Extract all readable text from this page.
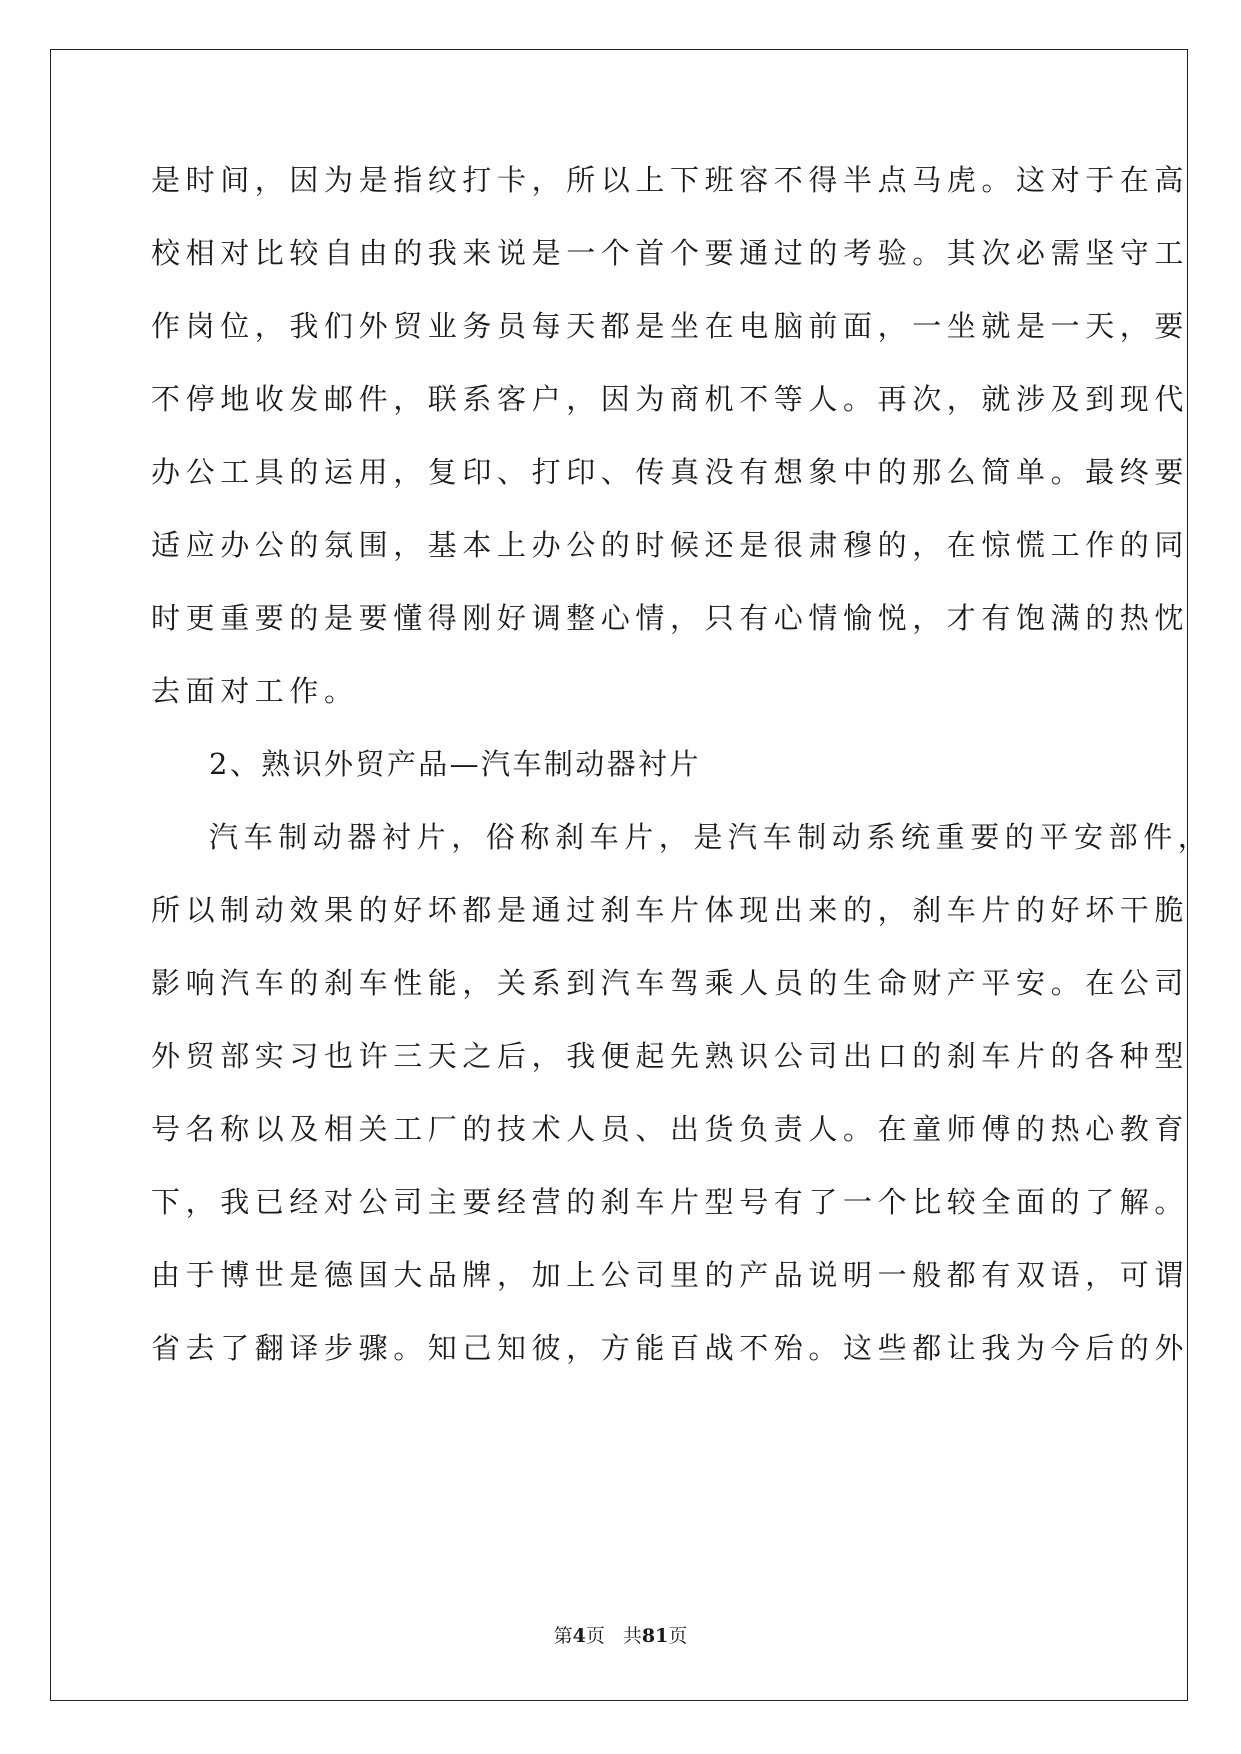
是时间，因为是指纹打卡，所以上下班容不得半点马虎。这对于在高
校相对比较自由的我来说是一个首个要通过的考验。其次必需坚守工
作岗位，我们外贸业务员每天都是坐在电脑前面，一坐就是一天，要
不停地收发邮件，联系客户，因为商机不等人。再次，就涉及到现代
办公工具的运用，复印、打印、传真没有想象中的那么简单。最终要
适应办公的氛围，基本上办公的时候还是很肃穆的，在惊慌工作的同
时更重要的是要懂得刚好调整心情，只有心情愉悦，才有饱满的热忱
去面对工作。
2、熟识外贸产品—汽车制动器衬片
汽车制动器衬片，俗称刹车片，是汽车制动系统重要的平安部件，
所以制动效果的好坏都是通过刹车片体现出来的，刹车片的好坏干脆
影响汽车的刹车性能，关系到汽车驾乘人员的生命财产平安。在公司
外贸部实习也许三天之后，我便起先熟识公司出口的刹车片的各种型
号名称以及相关工厂的技术人员、出货负责人。在童师傅的热心教育
下，我已经对公司主要经营的刹车片型号有了一个比较全面的了解。
由于博世是德国大品牌，加上公司里的产品说明一般都有双语，可谓
省去了翻译步骤。知己知彼，方能百战不殆。这些都让我为今后的外
第4页 共81页
